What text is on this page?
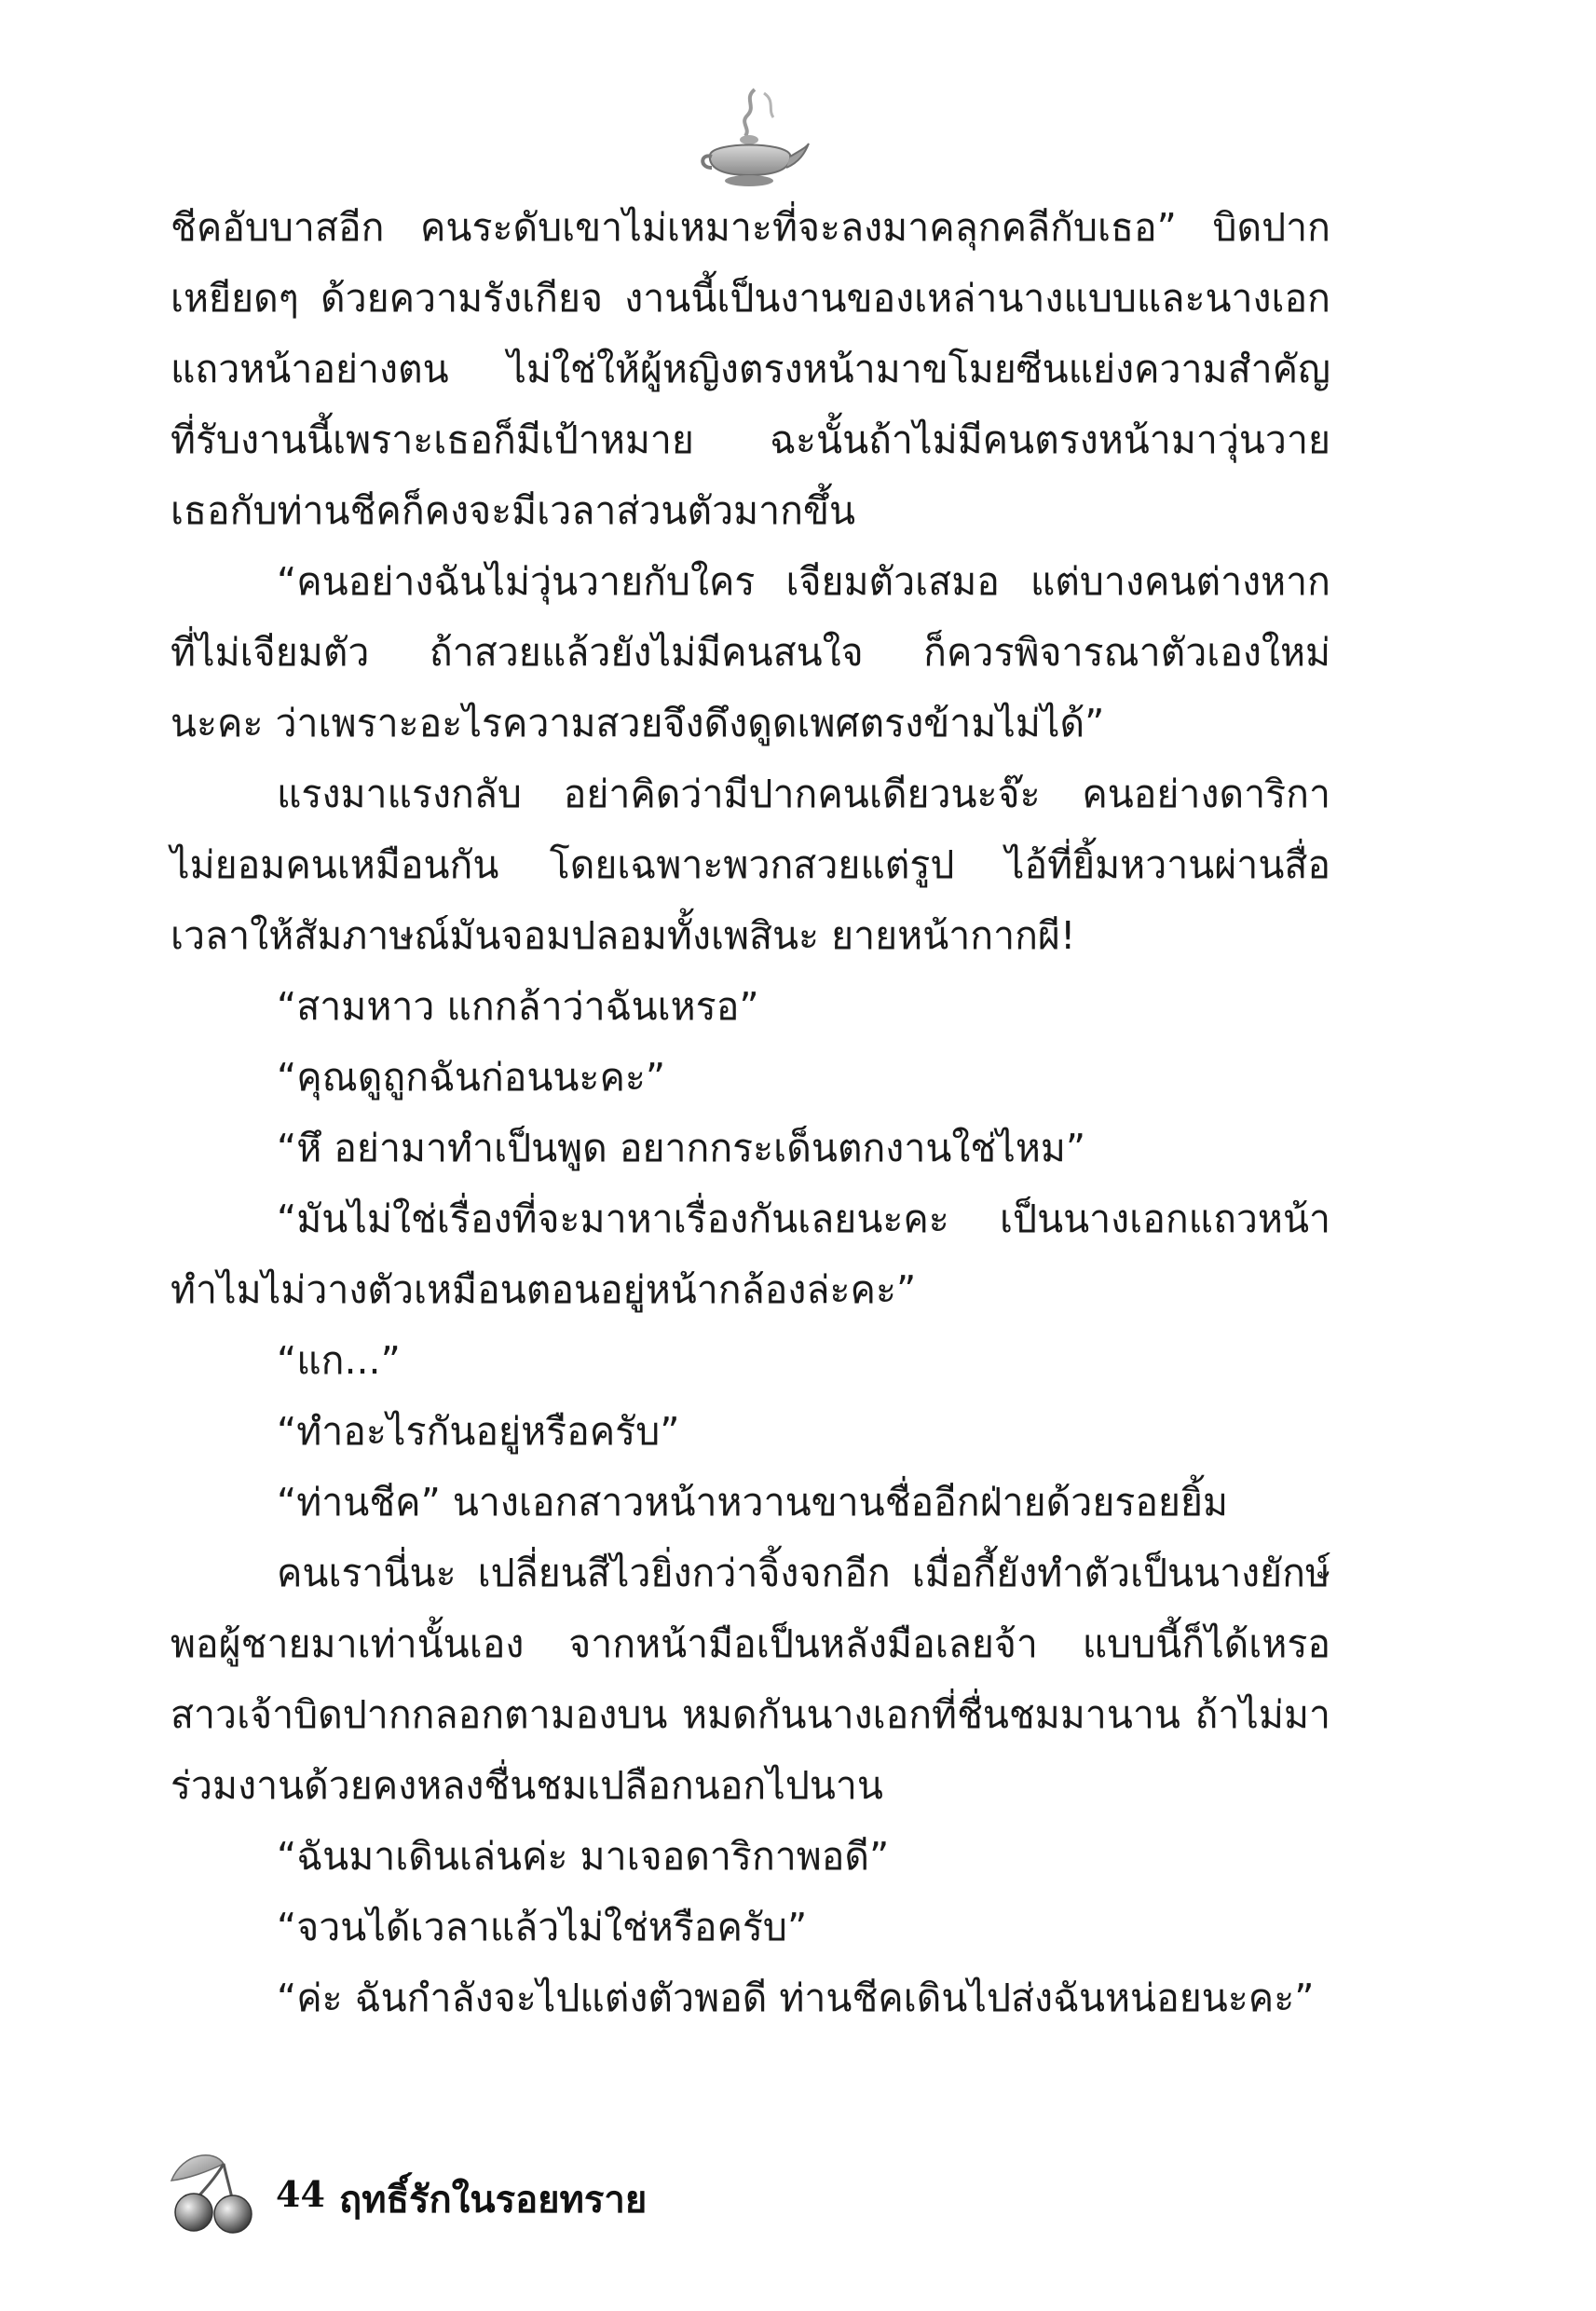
ชีคอับบาสอีก คนระดับเขาไม่เหมาะที่จะลงมาคลุกคลีกับเธอ” บิดปาก
เหยียดๆ ด้วยความรังเกียจ งานนี้เป็นงานของเหล่านางแบบและนางเอก
แถวหน้าอย่างตน ไม่ใช่ให้ผู้หญิงตรงหน้ามาขโมยซีนแย่งความสำคัญ
ที่รับงานนี้เพราะเธอก็มีเป้าหมาย ฉะนั้นถ้าไม่มีคนตรงหน้ามาวุ่นวาย
เธอกับท่านชีคก็คงจะมีเวลาส่วนตัวมากขึ้น
“คนอย่างฉันไม่วุ่นวายกับใคร เจียมตัวเสมอ แต่บางคนต่างหาก
ที่ไม่เจียมตัว ถ้าสวยแล้วยังไม่มีคนสนใจ ก็ควรพิจารณาตัวเองใหม่
นะคะ ว่าเพราะอะไรความสวยจึงดึงดูดเพศตรงข้ามไม่ได้”
แรงมาแรงกลับ อย่าคิดว่ามีปากคนเดียวนะจ๊ะ คนอย่างดาริกา
ไม่ยอมคนเหมือนกัน โดยเฉพาะพวกสวยแต่รูป ไอ้ที่ยิ้มหวานผ่านสื่อ
เวลาให้สัมภาษณ์มันจอมปลอมทั้งเพสินะ ยายหน้ากากผี!
“สามหาว แกกล้าว่าฉันเหรอ”
“คุณดูถูกฉันก่อนนะคะ”
“หึ อย่ามาทำเป็นพูด อยากกระเด็นตกงานใช่ไหม”
“มันไม่ใช่เรื่องที่จะมาหาเรื่องกันเลยนะคะ เป็นนางเอกแถวหน้า
ทำไมไม่วางตัวเหมือนตอนอยู่หน้ากล้องล่ะคะ”
“แก...”
“ทำอะไรกันอยู่หรือครับ”
“ท่านชีค” นางเอกสาวหน้าหวานขานชื่ออีกฝ่ายด้วยรอยยิ้ม
คนเรานี่นะ เปลี่ยนสีไวยิ่งกว่าจิ้งจกอีก เมื่อกี้ยังทำตัวเป็นนางยักษ์
พอผู้ชายมาเท่านั้นเอง จากหน้ามือเป็นหลังมือเลยจ้า แบบนี้ก็ได้เหรอ
สาวเจ้าบิดปากกลอกตามองบน หมดกันนางเอกที่ชื่นชมมานาน ถ้าไม่มา
ร่วมงานด้วยคงหลงชื่นชมเปลือกนอกไปนาน
“ฉันมาเดินเล่นค่ะ มาเจอดาริกาพอดี”
“จวนได้เวลาแล้วไม่ใช่หรือครับ”
“ค่ะ ฉันกำลังจะไปแต่งตัวพอดี ท่านชีคเดินไปส่งฉันหน่อยนะคะ”
44 ฤทธิ์รักในรอยทราย
